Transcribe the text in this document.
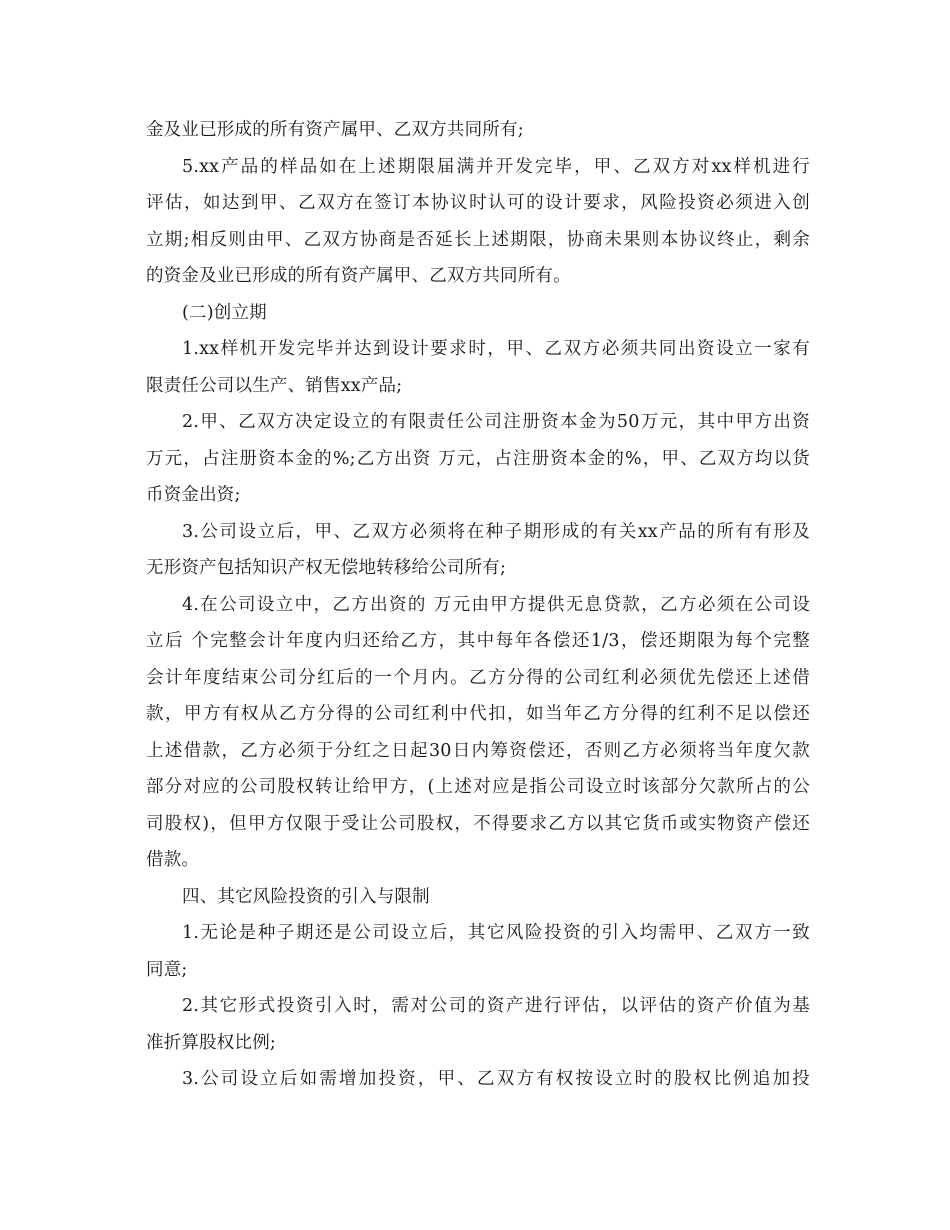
金及业已形成的所有资产属甲、乙双方共同所有;
5.xx产品的样品如在上述期限届满并开发完毕，甲、乙双方对xx样机进行
评估，如达到甲、乙双方在签订本协议时认可的设计要求，风险投资必须进入创
立期;相反则由甲、乙双方协商是否延长上述期限，协商未果则本协议终止，剩余
的资金及业已形成的所有资产属甲、乙双方共同所有。
(二)创立期
1.xx样机开发完毕并达到设计要求时，甲、乙双方必须共同出资设立一家有
限责任公司以生产、销售xx产品;
2.甲、乙双方决定设立的有限责任公司注册资本金为50万元，其中甲方出资
万元，占注册资本金的%;乙方出资 万元，占注册资本金的%，甲、乙双方均以货
币资金出资;
3.公司设立后，甲、乙双方必须将在种子期形成的有关xx产品的所有有形及
无形资产包括知识产权无偿地转移给公司所有;
4.在公司设立中，乙方出资的 万元由甲方提供无息贷款，乙方必须在公司设
立后 个完整会计年度内归还给乙方，其中每年各偿还1/3，偿还期限为每个完整
会计年度结束公司分红后的一个月内。乙方分得的公司红利必须优先偿还上述借
款，甲方有权从乙方分得的公司红利中代扣，如当年乙方分得的红利不足以偿还
上述借款，乙方必须于分红之日起30日内筹资偿还，否则乙方必须将当年度欠款
部分对应的公司股权转让给甲方，(上述对应是指公司设立时该部分欠款所占的公
司股权)，但甲方仅限于受让公司股权，不得要求乙方以其它货币或实物资产偿还
借款。
四、其它风险投资的引入与限制
1.无论是种子期还是公司设立后，其它风险投资的引入均需甲、乙双方一致
同意;
2.其它形式投资引入时，需对公司的资产进行评估，以评估的资产价值为基
准折算股权比例;
3.公司设立后如需增加投资，甲、乙双方有权按设立时的股权比例追加投
